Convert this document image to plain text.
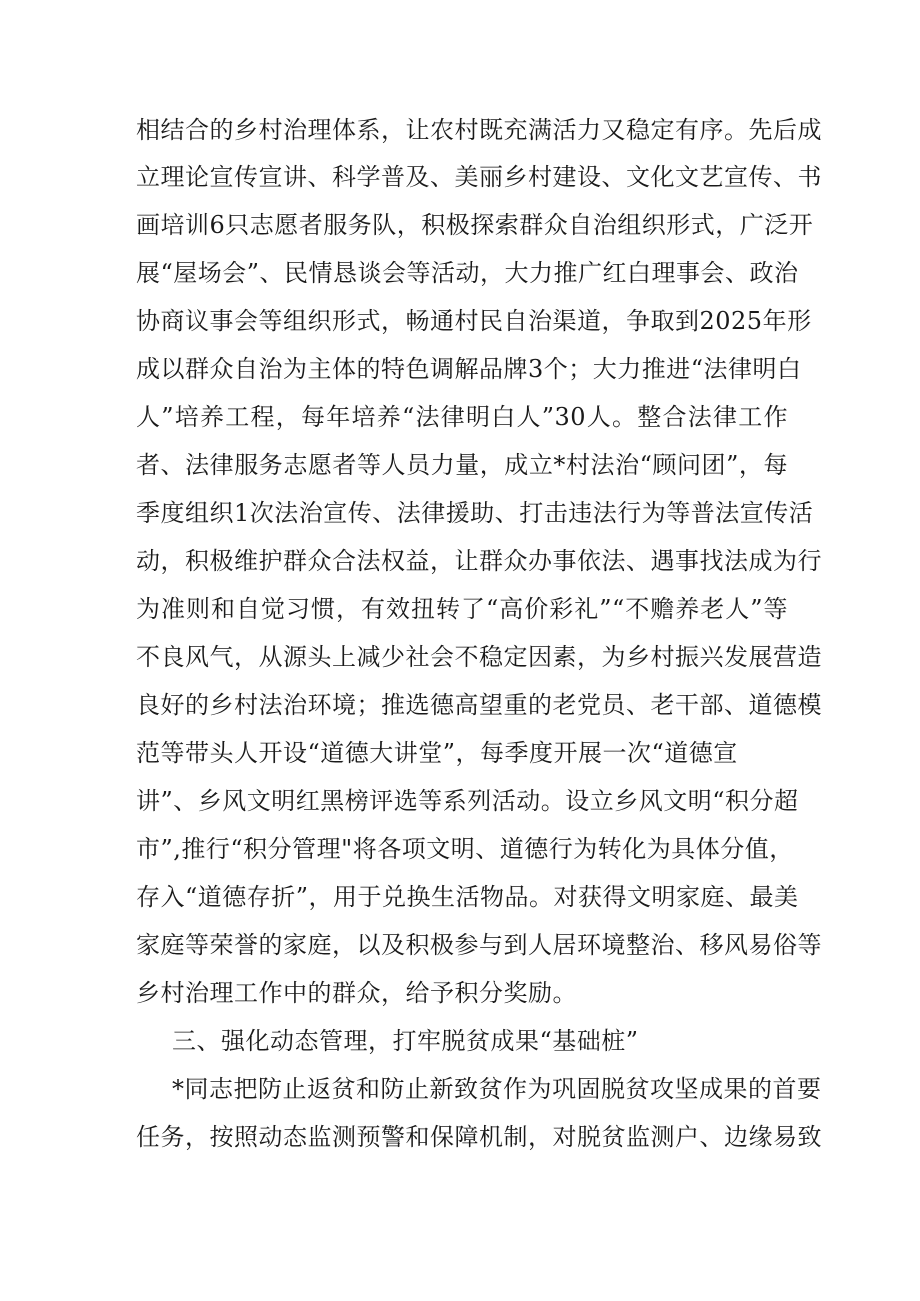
相结合的乡村治理体系，让农村既充满活力又稳定有序。先后成
立理论宣传宣讲、科学普及、美丽乡村建设、文化文艺宣传、书
画培训6只志愿者服务队，积极探索群众自治组织形式，广泛开
展“屋场会”、民情恳谈会等活动，大力推广红白理事会、政治
协商议事会等组织形式，畅通村民自治渠道，争取到2025年形
成以群众自治为主体的特色调解品牌3个；大力推进“法律明白
人”培养工程，每年培养“法律明白人”30人。整合法律工作
者、法律服务志愿者等人员力量，成立*村法治“顾问团”，每
季度组织1次法治宣传、法律援助、打击违法行为等普法宣传活
动，积极维护群众合法权益，让群众办事依法、遇事找法成为行
为准则和自觉习惯，有效扭转了“高价彩礼”“不赡养老人”等
不良风气，从源头上减少社会不稳定因素，为乡村振兴发展营造
良好的乡村法治环境；推选德高望重的老党员、老干部、道德模
范等带头人开设“道德大讲堂”，每季度开展一次“道德宣
讲”、乡风文明红黑榜评选等系列活动。设立乡风文明“积分超
市”,推行“积分管理"将各项文明、道德行为转化为具体分值，
存入“道德存折”，用于兑换生活物品。对获得文明家庭、最美
家庭等荣誉的家庭，以及积极参与到人居环境整治、移风易俗等
乡村治理工作中的群众，给予积分奖励。
三、强化动态管理，打牢脱贫成果“基础桩”
*同志把防止返贫和防止新致贫作为巩固脱贫攻坚成果的首要
任务，按照动态监测预警和保障机制，对脱贫监测户、边缘易致
